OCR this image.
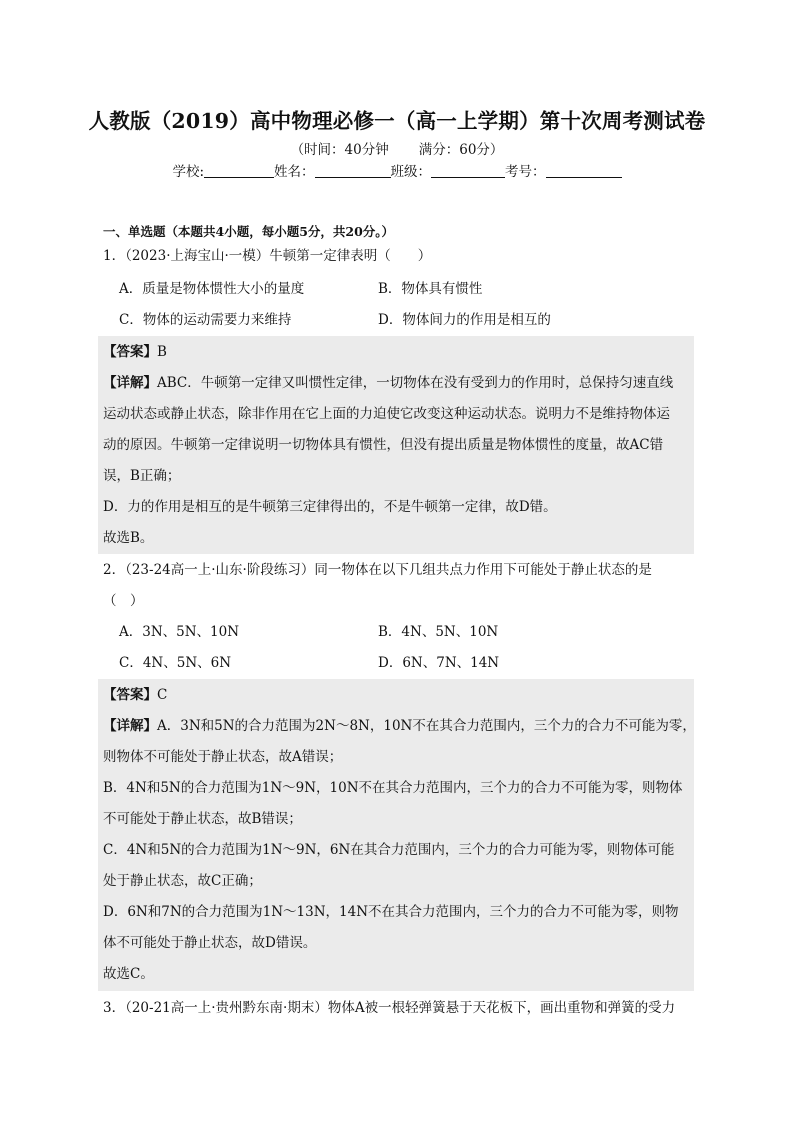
人教版（2019）高中物理必修一（高一上学期）第十次周考测试卷
（时间：40分钟 满分：60分）
学校:	姓名：	班级：	考号：
一、单选题（本题共4小题，每小题5分，共20分。）
1．（2023·上海宝山·一模）牛顿第一定律表明（　　）
A．质量是物体惯性大小的量度	B．物体具有惯性
C．物体的运动需要力来维持	D．物体间力的作用是相互的
【答案】B
【详解】ABC．牛顿第一定律又叫惯性定律，一切物体在没有受到力的作用时，总保持匀速直线
运动状态或静止状态，除非作用在它上面的力迫使它改变这种运动状态。说明力不是维持物体运
动的原因。牛顿第一定律说明一切物体具有惯性，但没有提出质量是物体惯性的度量，故AC错
误，B正确；
D．力的作用是相互的是牛顿第三定律得出的，不是牛顿第一定律，故D错。
故选B。
2．（23-24高一上·山东·阶段练习）同一物体在以下几组共点力作用下可能处于静止状态的是
（　）
A．3N、5N、10N	B．4N、5N、10N
C．4N、5N、6N	D．6N、7N、14N
【答案】C
【详解】A．3N和5N的合力范围为2N～8N，10N不在其合力范围内，三个力的合力不可能为零，
则物体不可能处于静止状态，故A错误；
B．4N和5N的合力范围为1N～9N，10N不在其合力范围内，三个力的合力不可能为零，则物体
不可能处于静止状态，故B错误；
C．4N和5N的合力范围为1N～9N，6N在其合力范围内，三个力的合力可能为零，则物体可能
处于静止状态，故C正确；
D．6N和7N的合力范围为1N～13N，14N不在其合力范围内，三个力的合力不可能为零，则物
体不可能处于静止状态，故D错误。
故选C。
3．（20-21高一上·贵州黔东南·期末）物体A被一根轻弹簧悬于天花板下，画出重物和弹簧的受力
